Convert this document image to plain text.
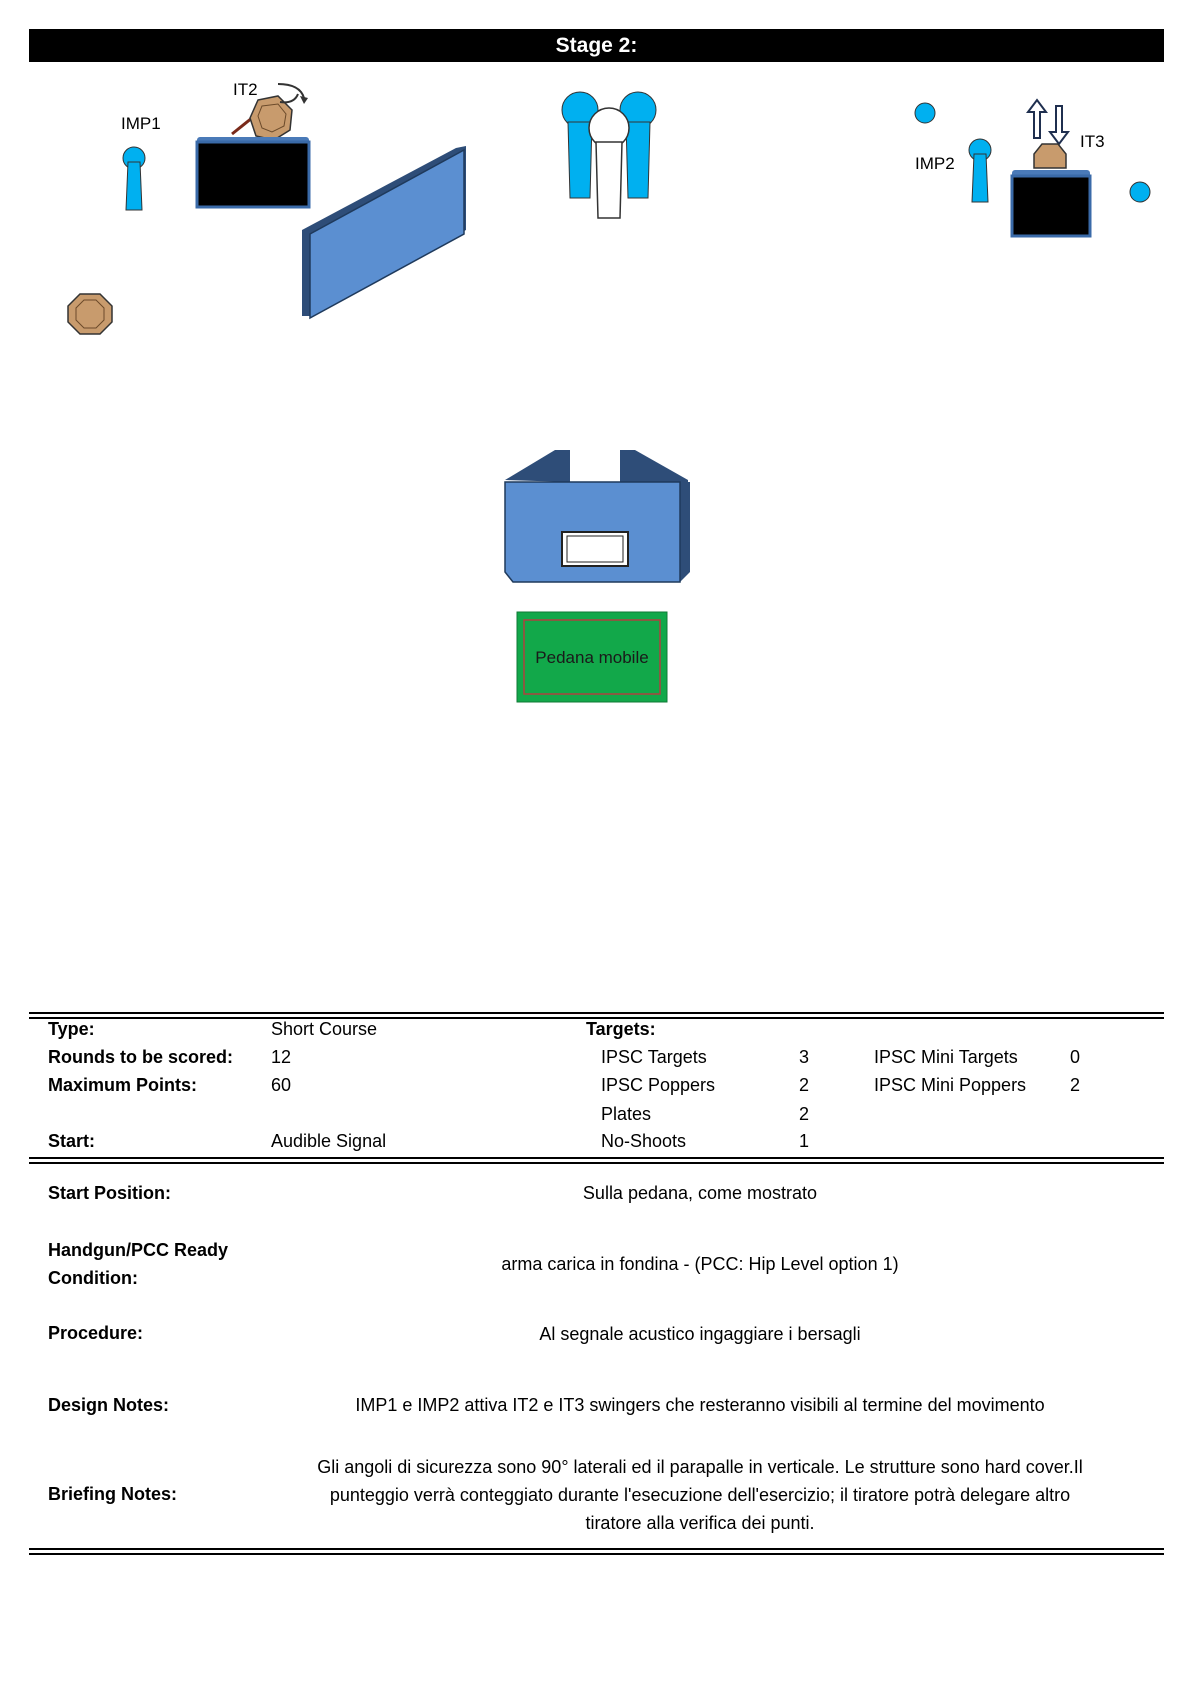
Stage 2:
IMP1
IT2
IT3
IMP2
Pedana mobile
Type:	Short Course	Targets:
Rounds to be scored: 12	IPSC Targets	3	IPSC Mini Targets	0
Maximum Points:	60	IPSC Poppers	2	IPSC Mini Poppers 2
Plates	2
Start:	Audible Signal	No-Shoots	1
Start Position:	Sulla pedana, come mostrato
Handgun/PCC Ready
Condition:
arma carica in fondina - (PCC: Hip Level option 1)
Procedure:	Al segnale acustico ingaggiare i bersagli
Design Notes:	IMP1 e IMP2 attiva IT2 e IT3 swingers che resteranno visibili al termine del movimento
Briefing Notes:
Gli angoli di sicurezza sono 90° laterali ed il parapalle in verticale. Le strutture sono hard cover.Il
punteggio verrà conteggiato durante l'esecuzione dell'esercizio; il tiratore potrà delegare altro
tiratore alla verifica dei punti.
